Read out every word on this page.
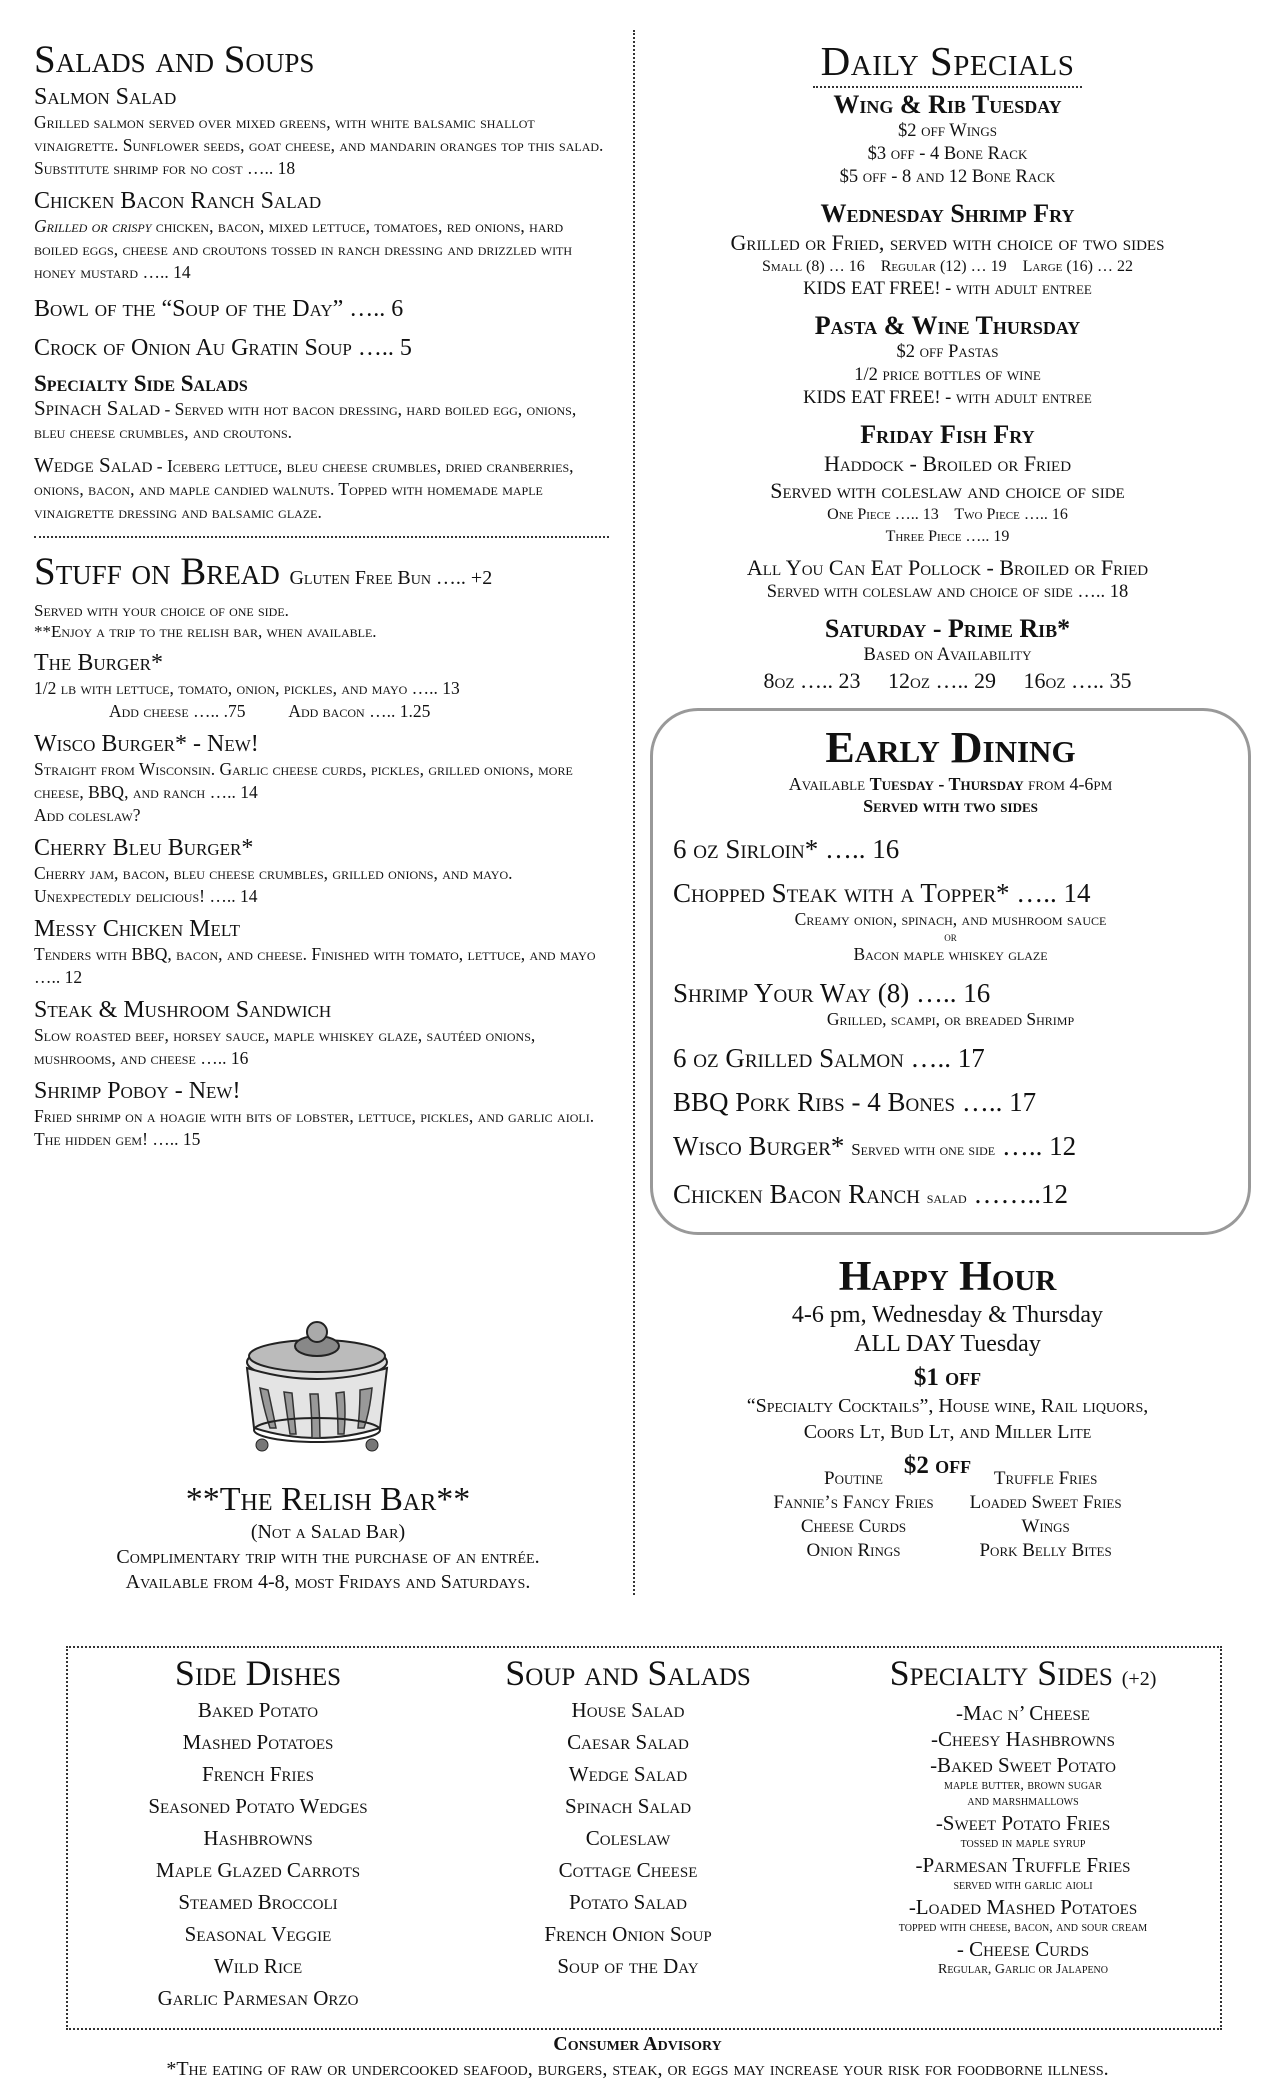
Salads and Soups
Salmon Salad
Grilled salmon served over mixed greens, with white balsamic shallot vinaigrette. Sunflower seeds, goat cheese, and mandarin oranges top this salad.
Substitute shrimp for no cost ….. 18
Chicken Bacon Ranch Salad
Grilled or crispy chicken, bacon, mixed lettuce, tomatoes, red onions, hard boiled eggs, cheese and croutons tossed in ranch dressing and drizzled with honey mustard ….. 14
Bowl of the “Soup of the Day” ….. 6
Crock of Onion Au Gratin Soup ….. 5
Specialty Side Salads
Spinach Salad - Served with hot bacon dressing, hard boiled egg, onions, bleu cheese crumbles, and croutons.
Wedge Salad - Iceberg lettuce, bleu cheese crumbles, dried cranberries, onions, bacon, and maple candied walnuts. Topped with homemade maple vinaigrette dressing and balsamic glaze.
Stuff on Bread Gluten Free Bun ….. +2
Served with your choice of one side.
**Enjoy a trip to the relish bar, when available.
The Burger*
1/2 lb with lettuce, tomato, onion, pickles, and mayo ….. 13
Add cheese ….. .75          Add bacon ….. 1.25
Wisco Burger* - New!
Straight from Wisconsin. Garlic cheese curds, pickles, grilled onions, more cheese, BBQ, and ranch ….. 14
Add coleslaw?
Cherry Bleu Burger*
Cherry jam, bacon, bleu cheese crumbles, grilled onions, and mayo. Unexpectedly delicious! ….. 14
Messy Chicken Melt
Tenders with BBQ, bacon, and cheese. Finished with tomato, lettuce, and mayo ….. 12
Steak & Mushroom Sandwich
Slow roasted beef, horsey sauce, maple whiskey glaze, sautéed onions, mushrooms, and cheese ….. 16
Shrimp Poboy - New!
Fried shrimp on a hoagie with bits of lobster, lettuce, pickles, and garlic aioli. The hidden gem! ….. 15
**The Relish Bar**
(Not a Salad Bar)
Complimentary trip with the purchase of an entrée.
Available from 4-8, most Fridays and Saturdays.
Daily Specials
Wing & Rib Tuesday
$2 off Wings
$3 off - 4 Bone Rack
$5 off - 8 and 12 Bone Rack
Wednesday Shrimp Fry
Grilled or Fried, served with choice of two sides
Small (8) … 16    Regular (12) … 19    Large (16) … 22
KIDS EAT FREE! - with adult entree
Pasta & Wine Thursday
$2 off Pastas
1/2 price bottles of wine
KIDS EAT FREE! - with adult entree
Friday Fish Fry
Haddock - Broiled or Fried
Served with coleslaw and choice of side
One Piece ….. 13    Two Piece ….. 16
Three Piece ….. 19
All You Can Eat Pollock - Broiled or Fried
Served with coleslaw and choice of side ….. 18
Saturday - Prime Rib*
Based on Availability
8oz ….. 23     12oz ….. 29     16oz ….. 35
Early Dining
Available Tuesday - Thursday from 4-6pm
Served with two sides
6 oz Sirloin* ….. 16
Chopped Steak with a Topper* ….. 14
Creamy onion, spinach, and mushroom sauce
or
Bacon maple whiskey glaze
Shrimp Your Way (8) ….. 16
Grilled, scampi, or breaded Shrimp
6 oz Grilled Salmon ….. 17
BBQ Pork Ribs - 4 Bones ….. 17
Wisco Burger* Served with one side ….. 12
Chicken Bacon Ranch salad ……..12
Happy Hour
4-6 pm, Wednesday & Thursday
ALL DAY Tuesday
$1 off
“Specialty Cocktails”, House wine, Rail liquors,
Coors Lt, Bud Lt, and Miller Lite
$2 off
Poutine
Fannie’s Fancy Fries
Cheese Curds
Onion Rings
Truffle Fries
Loaded Sweet Fries
Wings
Pork Belly Bites
Side Dishes
Baked Potato
Mashed Potatoes
French Fries
Seasoned Potato Wedges
Hashbrowns
Maple Glazed Carrots
Steamed Broccoli
Seasonal Veggie
Wild Rice
Garlic Parmesan Orzo
Soup and Salads
House Salad
Caesar Salad
Wedge Salad
Spinach Salad
Coleslaw
Cottage Cheese
Potato Salad
French Onion Soup
Soup of the Day
Specialty Sides (+2)
-Mac n’ Cheese
-Cheesy Hashbrowns
-Baked Sweet Potato
maple butter, brown sugar
and marshmallows
-Sweet Potato Fries
tossed in maple syrup
-Parmesan Truffle Fries
served with garlic aioli
-Loaded Mashed Potatoes
topped with cheese, bacon, and sour cream
- Cheese Curds
Regular, Garlic or Jalapeno
Consumer Advisory
*The eating of raw or undercooked seafood, burgers, steak, or eggs may increase your risk for foodborne illness.
